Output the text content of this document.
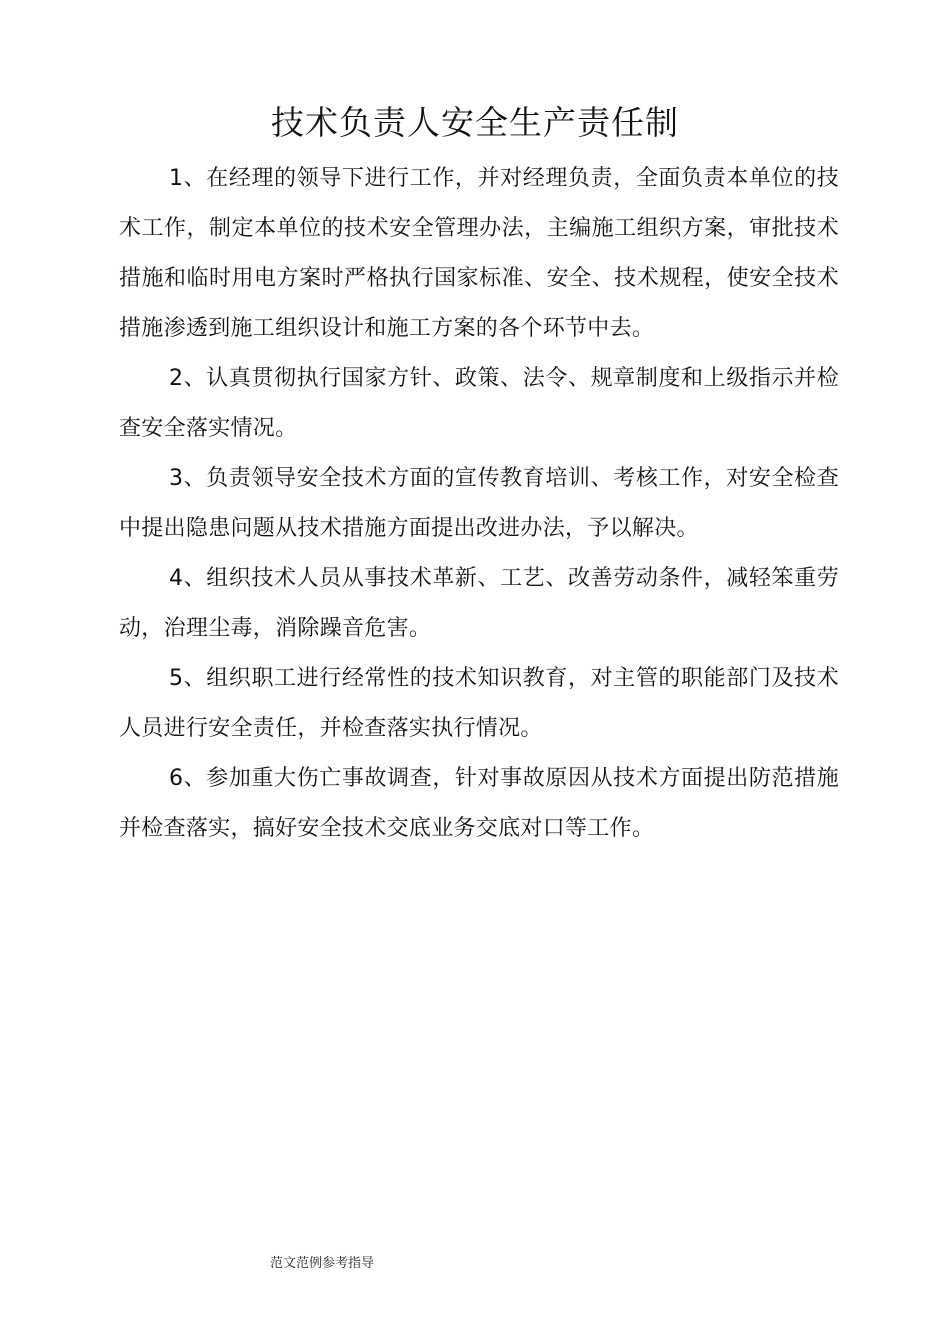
技术负责人安全生产责任制

1、在经理的领导下进行工作，并对经理负责，全面负责本单位的技术工作，制定本单位的技术安全管理办法，主编施工组织方案，审批技术措施和临时用电方案时严格执行国家标准、安全、技术规程，使安全技术措施渗透到施工组织设计和施工方案的各个环节中去。

2、认真贯彻执行国家方针、政策、法令、规章制度和上级指示并检查安全落实情况。

3、负责领导安全技术方面的宣传教育培训、考核工作，对安全检查中提出隐患问题从技术措施方面提出改进办法，予以解决。

4、组织技术人员从事技术革新、工艺、改善劳动条件，减轻笨重劳动，治理尘毒，消除躁音危害。

5、组织职工进行经常性的技术知识教育，对主管的职能部门及技术人员进行安全责任，并检查落实执行情况。

6、参加重大伤亡事故调查，针对事故原因从技术方面提出防范措施并检查落实，搞好安全技术交底业务交底对口等工作。

范文范例参考指导
